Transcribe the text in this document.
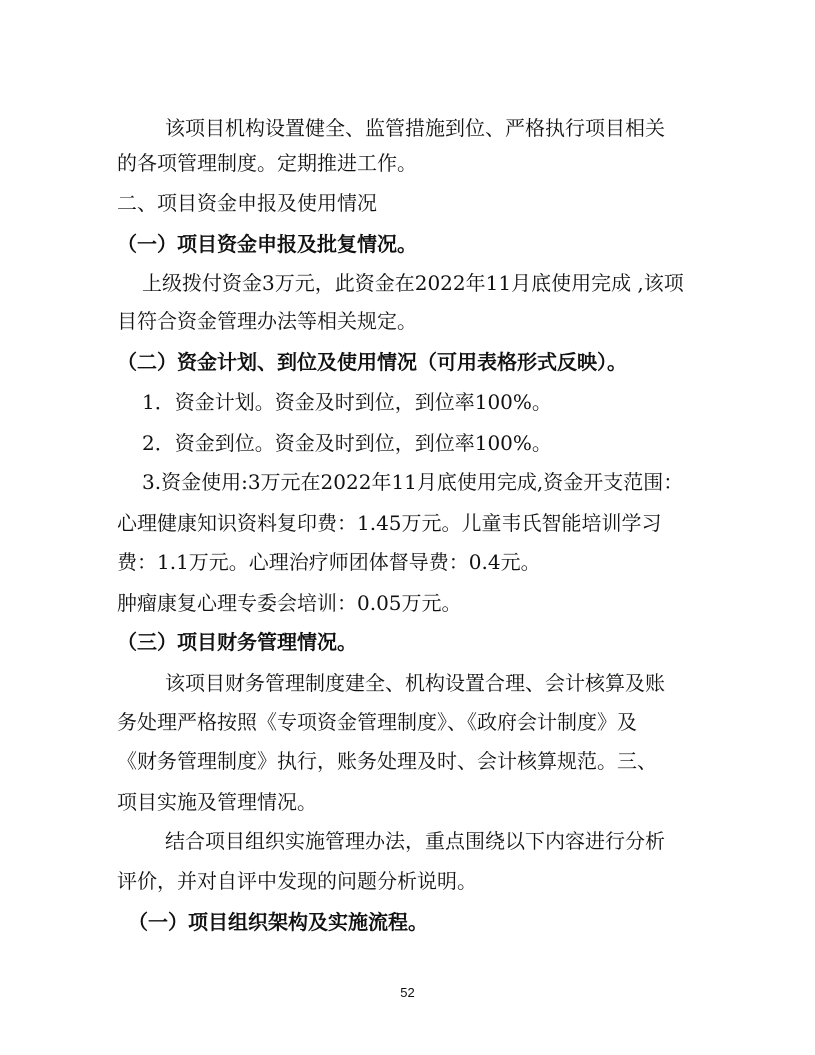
该项目机构设置健全、监管措施到位、严格执行项目相关
的各项管理制度。定期推进工作。
二、项目资金申报及使用情况
（一）项目资金申报及批复情况。
上级拨付资金3万元，此资金在2022年11月底使用完成 ,该项
目符合资金管理办法等相关规定。
（二）资金计划、到位及使用情况（可用表格形式反映）。
1．资金计划。资金及时到位，到位率100%。
2．资金到位。资金及时到位，到位率100%。
3.资金使用:3万元在2022年11月底使用完成,资金开支范围：
心理健康知识资料复印费：1.45万元。儿童韦氏智能培训学习
费：1.1万元。心理治疗师团体督导费：0.4元。
肿瘤康复心理专委会培训：0.05万元。
（三）项目财务管理情况。
该项目财务管理制度建全、机构设置合理、会计核算及账
务处理严格按照《专项资金管理制度》、《政府会计制度》及
《财务管理制度》执行，账务处理及时、会计核算规范。三、
项目实施及管理情况。
结合项目组织实施管理办法，重点围绕以下内容进行分析
评价，并对自评中发现的问题分析说明。
（一）项目组织架构及实施流程。
52
